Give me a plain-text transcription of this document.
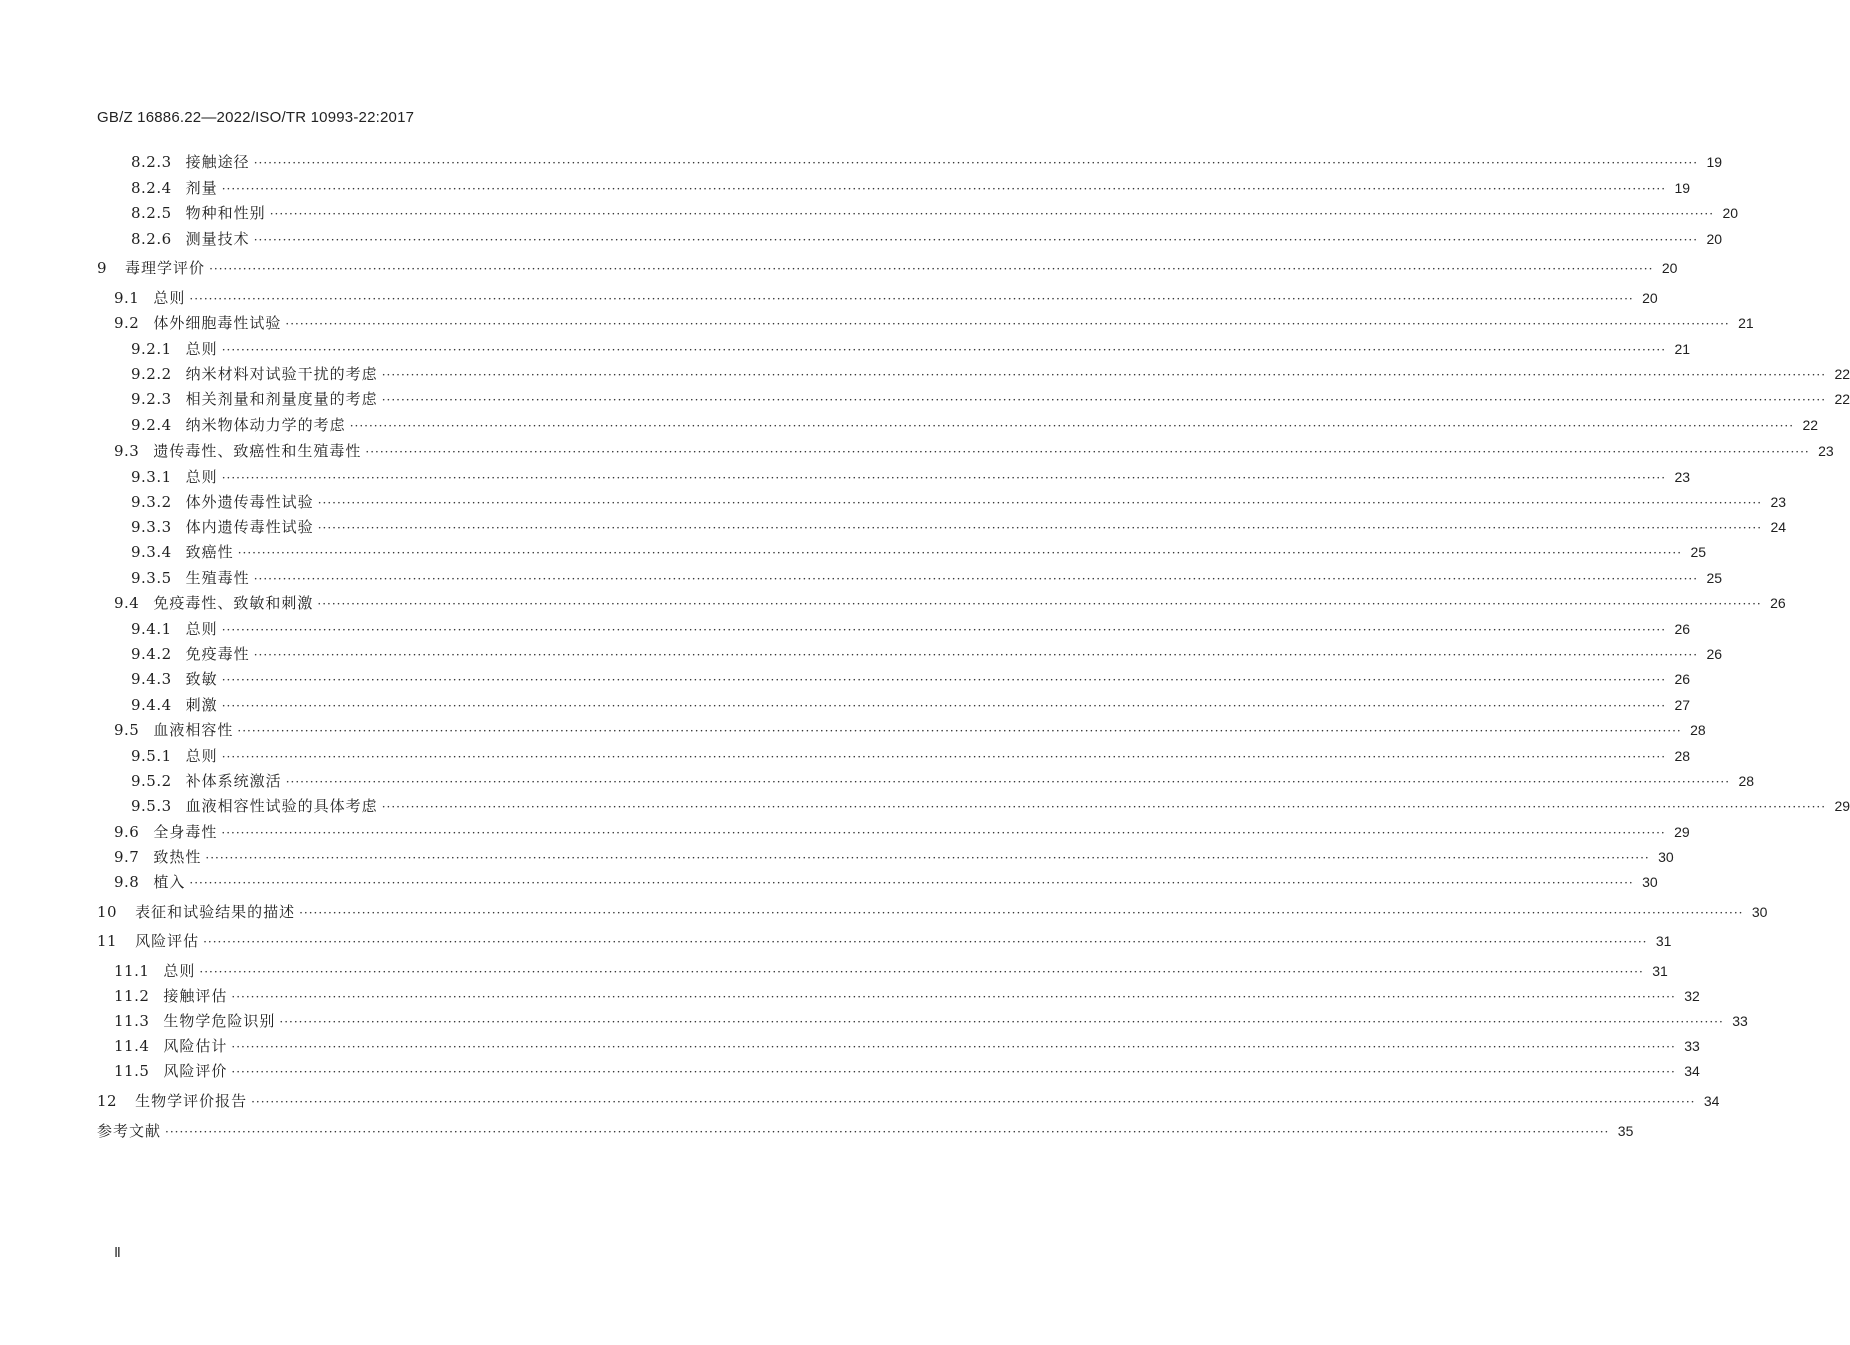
GB/Z 16886.22—2022/ISO/TR 10993-22:2017
8.2.3 接触途径 ············································································································································································································································································································ 19
8.2.4 剂量 ············································································································································································································································································································ 19
8.2.5 物种和性别 ············································································································································································································································································································ 20
8.2.6 测量技术 ············································································································································································································································································································ 20
9 毒理学评价 ············································································································································································································································································································ 20
9.1 总则 ············································································································································································································································································································ 20
9.2 体外细胞毒性试验 ············································································································································································································································································································ 21
9.2.1 总则 ············································································································································································································································································································ 21
9.2.2 纳米材料对试验干扰的考虑 ············································································································································································································································································································ 22
9.2.3 相关剂量和剂量度量的考虑 ············································································································································································································································································································ 22
9.2.4 纳米物体动力学的考虑 ············································································································································································································································································································ 22
9.3 遗传毒性、致癌性和生殖毒性 ············································································································································································································································································································ 23
9.3.1 总则 ············································································································································································································································································································ 23
9.3.2 体外遗传毒性试验 ············································································································································································································································································································ 23
9.3.3 体内遗传毒性试验 ············································································································································································································································································································ 24
9.3.4 致癌性 ············································································································································································································································································································ 25
9.3.5 生殖毒性 ············································································································································································································································································································ 25
9.4 免疫毒性、致敏和刺激 ············································································································································································································································································································ 26
9.4.1 总则 ············································································································································································································································································································ 26
9.4.2 免疫毒性 ············································································································································································································································································································ 26
9.4.3 致敏 ············································································································································································································································································································ 26
9.4.4 刺激 ············································································································································································································································································································ 27
9.5 血液相容性 ············································································································································································································································································································ 28
9.5.1 总则 ············································································································································································································································································································ 28
9.5.2 补体系统激活 ············································································································································································································································································································ 28
9.5.3 血液相容性试验的具体考虑 ············································································································································································································································································································ 29
9.6 全身毒性 ············································································································································································································································································································ 29
9.7 致热性 ············································································································································································································································································································ 30
9.8 植入 ············································································································································································································································································································ 30
10 表征和试验结果的描述 ············································································································································································································································································································ 30
11 风险评估 ············································································································································································································································································································ 31
11.1 总则 ············································································································································································································································································································ 31
11.2 接触评估 ············································································································································································································································································································ 32
11.3 生物学危险识别 ············································································································································································································································································································ 33
11.4 风险估计 ············································································································································································································································································································ 33
11.5 风险评价 ············································································································································································································································································································ 34
12 生物学评价报告 ············································································································································································································································································································ 34
参考文献 ············································································································································································································································································································ 35
Ⅱ
